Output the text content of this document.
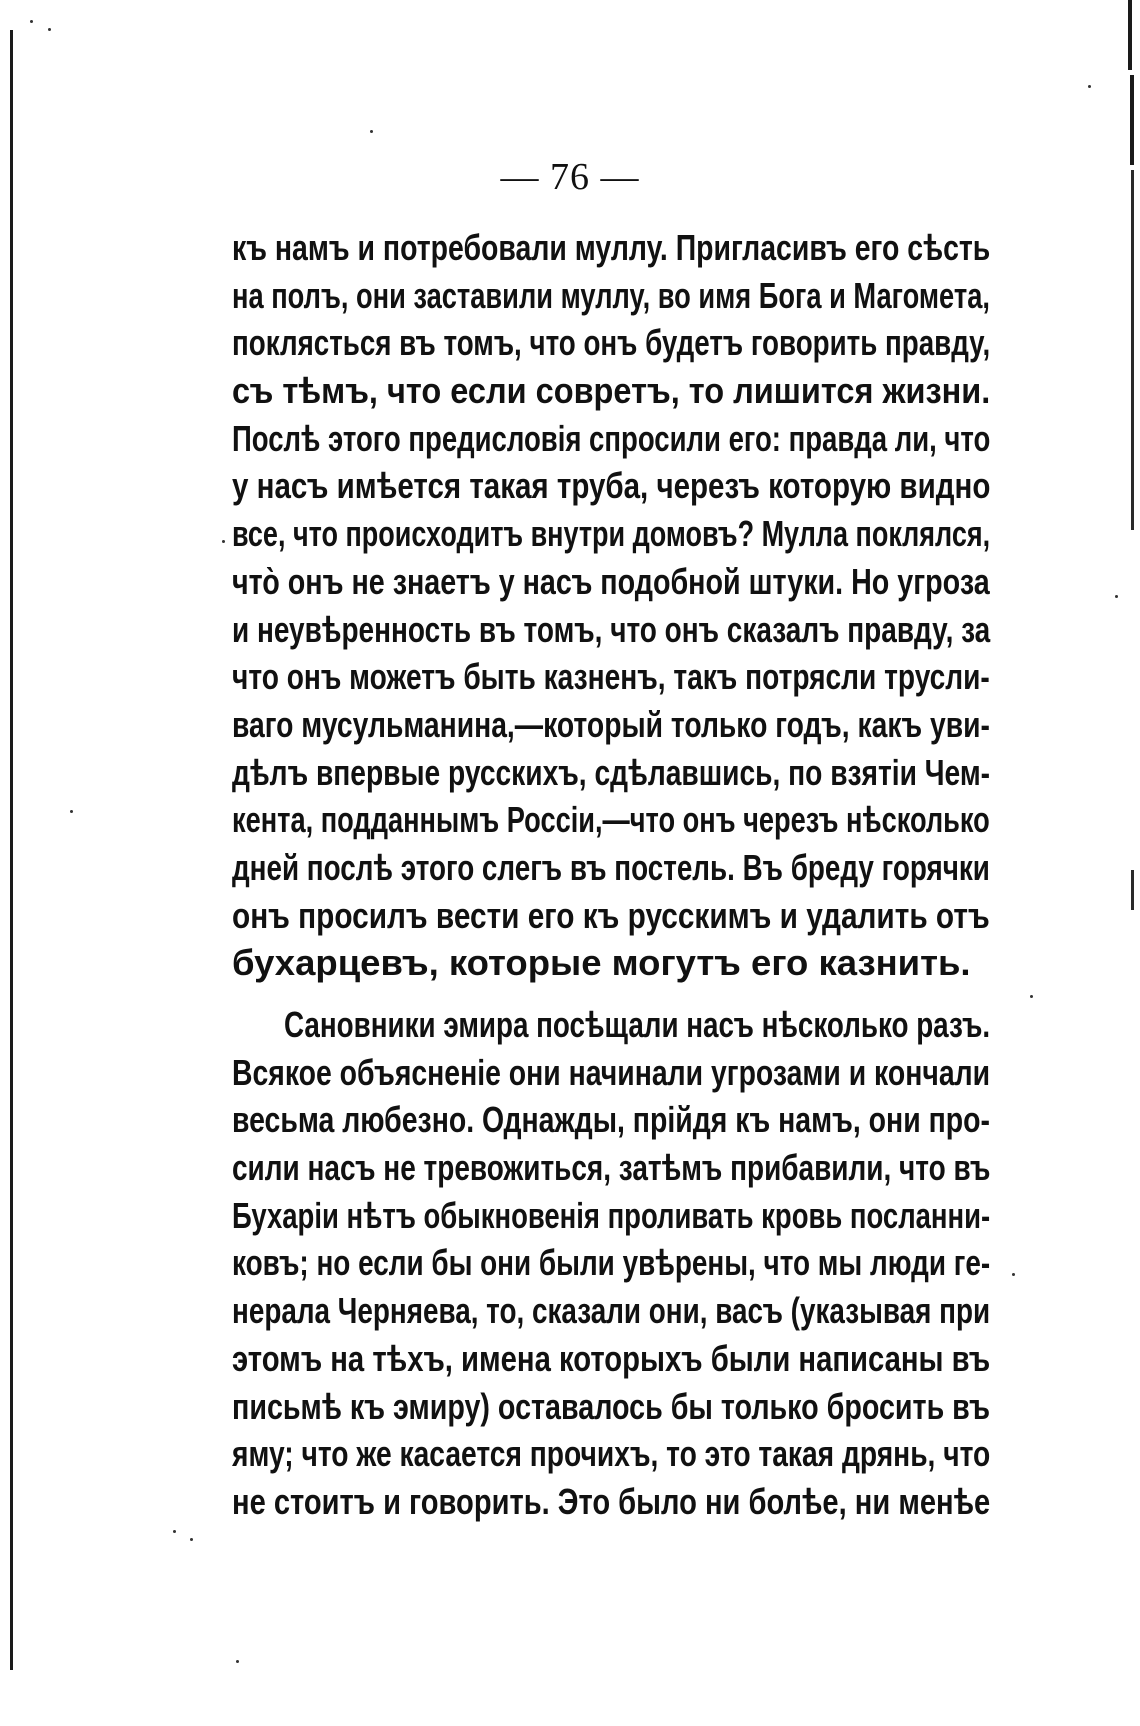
— 76 —
къ намъ и потребовали муллу. Пригласивъ его сѣсть
на полъ, они заставили муллу, во имя Бога и Магомета,
поклясться въ томъ, что онъ будетъ говорить правду,
съ тѣмъ, что если совретъ, то лишится жизни.
Послѣ этого предисловія спросили его: правда ли, что
у насъ имѣется такая труба, черезъ которую видно
все, что происходитъ внутри домовъ? Мулла поклялся,
что̀ онъ не знаетъ у насъ подобной штуки. Но угроза
и неувѣренность въ томъ, что онъ сказалъ правду, за
что онъ можетъ быть казненъ, такъ потрясли трусли-
ваго мусульманина,—который только годъ, какъ уви-
дѣлъ впервые русскихъ, сдѣлавшись, по взятіи Чем-
кента, подданнымъ Россіи,—что онъ черезъ нѣсколько
дней послѣ этого слегъ въ постель. Въ бреду горячки
онъ просилъ вести его къ русскимъ и удалить отъ
бухарцевъ, которые могутъ его казнить.
Сановники эмира посѣщали насъ нѣсколько разъ.
Всякое объясненіе они начинали угрозами и кончали
весьма любезно. Однажды, прійдя къ намъ, они про-
сили насъ не тревожиться, затѣмъ прибавили, что въ
Бухаріи нѣтъ обыкновенія проливать кровь посланни-
ковъ; но если бы они были увѣрены, что мы люди ге-
нерала Черняева, то, сказали они, васъ (указывая при
этомъ на тѣхъ, имена которыхъ были написаны въ
письмѣ къ эмиру) оставалось бы только бросить въ
яму; что же касается прочихъ, то это такая дрянь, что
не стоитъ и говорить. Это было ни болѣе, ни менѣе
